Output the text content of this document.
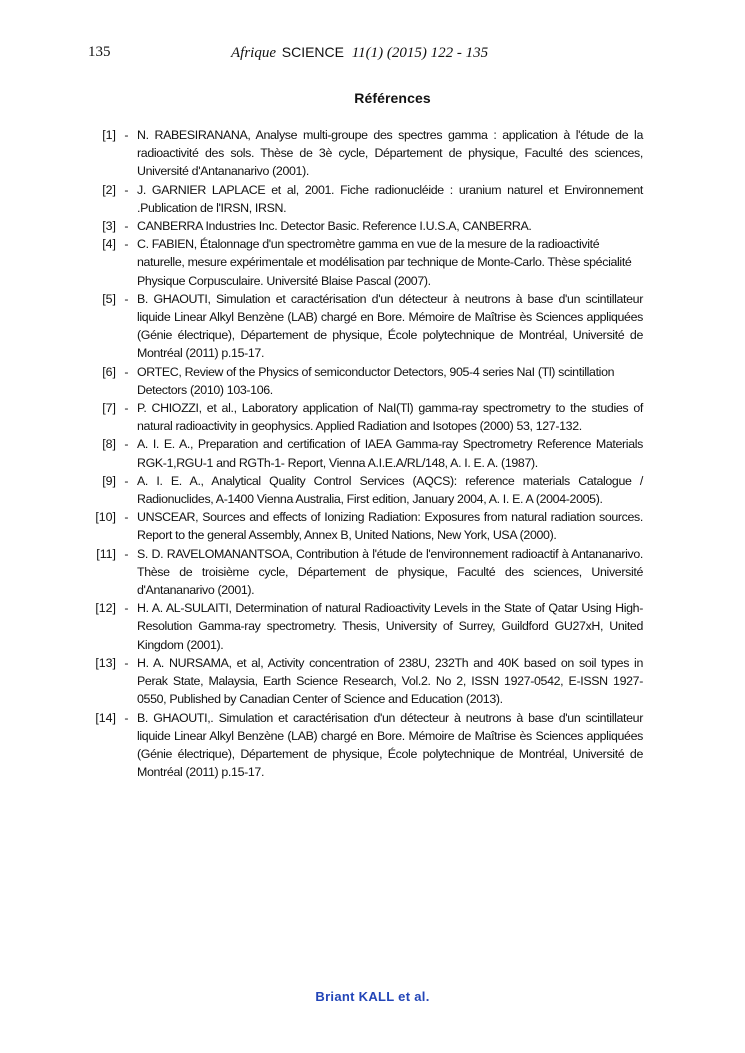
135	Afrique SCIENCE 11(1) (2015) 122 - 135
Références
[1] - N. RABESIRANANA, Analyse multi-groupe des spectres gamma : application à l'étude de la radioactivité des sols. Thèse de 3è cycle, Département de physique, Faculté des sciences, Université d'Antananarivo (2001).
[2] - J. GARNIER LAPLACE et al, 2001. Fiche radionucléide : uranium naturel et Environnement .Publication de l'IRSN, IRSN.
[3] - CANBERRA Industries Inc. Detector Basic. Reference I.U.S.A, CANBERRA.
[4] - C. FABIEN, Étalonnage d'un spectromètre gamma en vue de la mesure de la radioactivité naturelle, mesure expérimentale et modélisation par technique de Monte-Carlo. Thèse spécialité Physique Corpusculaire. Université Blaise Pascal (2007).
[5] - B. GHAOUTI, Simulation et caractérisation d'un détecteur à neutrons à base d'un scintillateur liquide Linear Alkyl Benzène (LAB) chargé en Bore. Mémoire de Maîtrise ès Sciences appliquées (Génie électrique), Département de physique, École polytechnique de Montréal, Université de Montréal (2011) p.15-17.
[6] - ORTEC, Review of the Physics of semiconductor Detectors, 905-4 series NaI (Tl) scintillation Detectors (2010) 103-106.
[7] - P. CHIOZZI, et al., Laboratory application of NaI(Tl) gamma-ray spectrometry to the studies of natural radioactivity in geophysics. Applied Radiation and Isotopes (2000) 53, 127-132.
[8] - A. I. E. A., Preparation and certification of IAEA Gamma-ray Spectrometry Reference Materials RGK-1,RGU-1 and RGTh-1- Report, Vienna A.I.E.A/RL/148, A. I. E. A. (1987).
[9] - A. I. E. A., Analytical Quality Control Services (AQCS): reference materials Catalogue / Radionuclides, A-1400 Vienna Australia, First edition, January 2004, A. I. E. A (2004-2005).
[10] - UNSCEAR, Sources and effects of Ionizing Radiation: Exposures from natural radiation sources. Report to the general Assembly, Annex B, United Nations, New York, USA (2000).
[11] - S. D. RAVELOMANANTSOA, Contribution à l'étude de l'environnement radioactif à Antananarivo. Thèse de troisième cycle, Département de physique, Faculté des sciences, Université d'Antananarivo (2001).
[12] - H. A. AL-SULAITI, Determination of natural Radioactivity Levels in the State of Qatar Using High-Resolution Gamma-ray spectrometry. Thesis, University of Surrey, Guildford GU27xH, United Kingdom (2001).
[13] - H. A. NURSAMA, et al, Activity concentration of 238U, 232Th and 40K based on soil types in Perak State, Malaysia, Earth Science Research, Vol.2. No 2, ISSN 1927-0542, E-ISSN 1927-0550, Published by Canadian Center of Science and Education (2013).
[14] - B. GHAOUTI,. Simulation et caractérisation d'un détecteur à neutrons à base d'un scintillateur liquide Linear Alkyl Benzène (LAB) chargé en Bore. Mémoire de Maîtrise ès Sciences appliquées (Génie électrique), Département de physique, École polytechnique de Montréal, Université de Montréal (2011) p.15-17.
Briant KALL et al.
